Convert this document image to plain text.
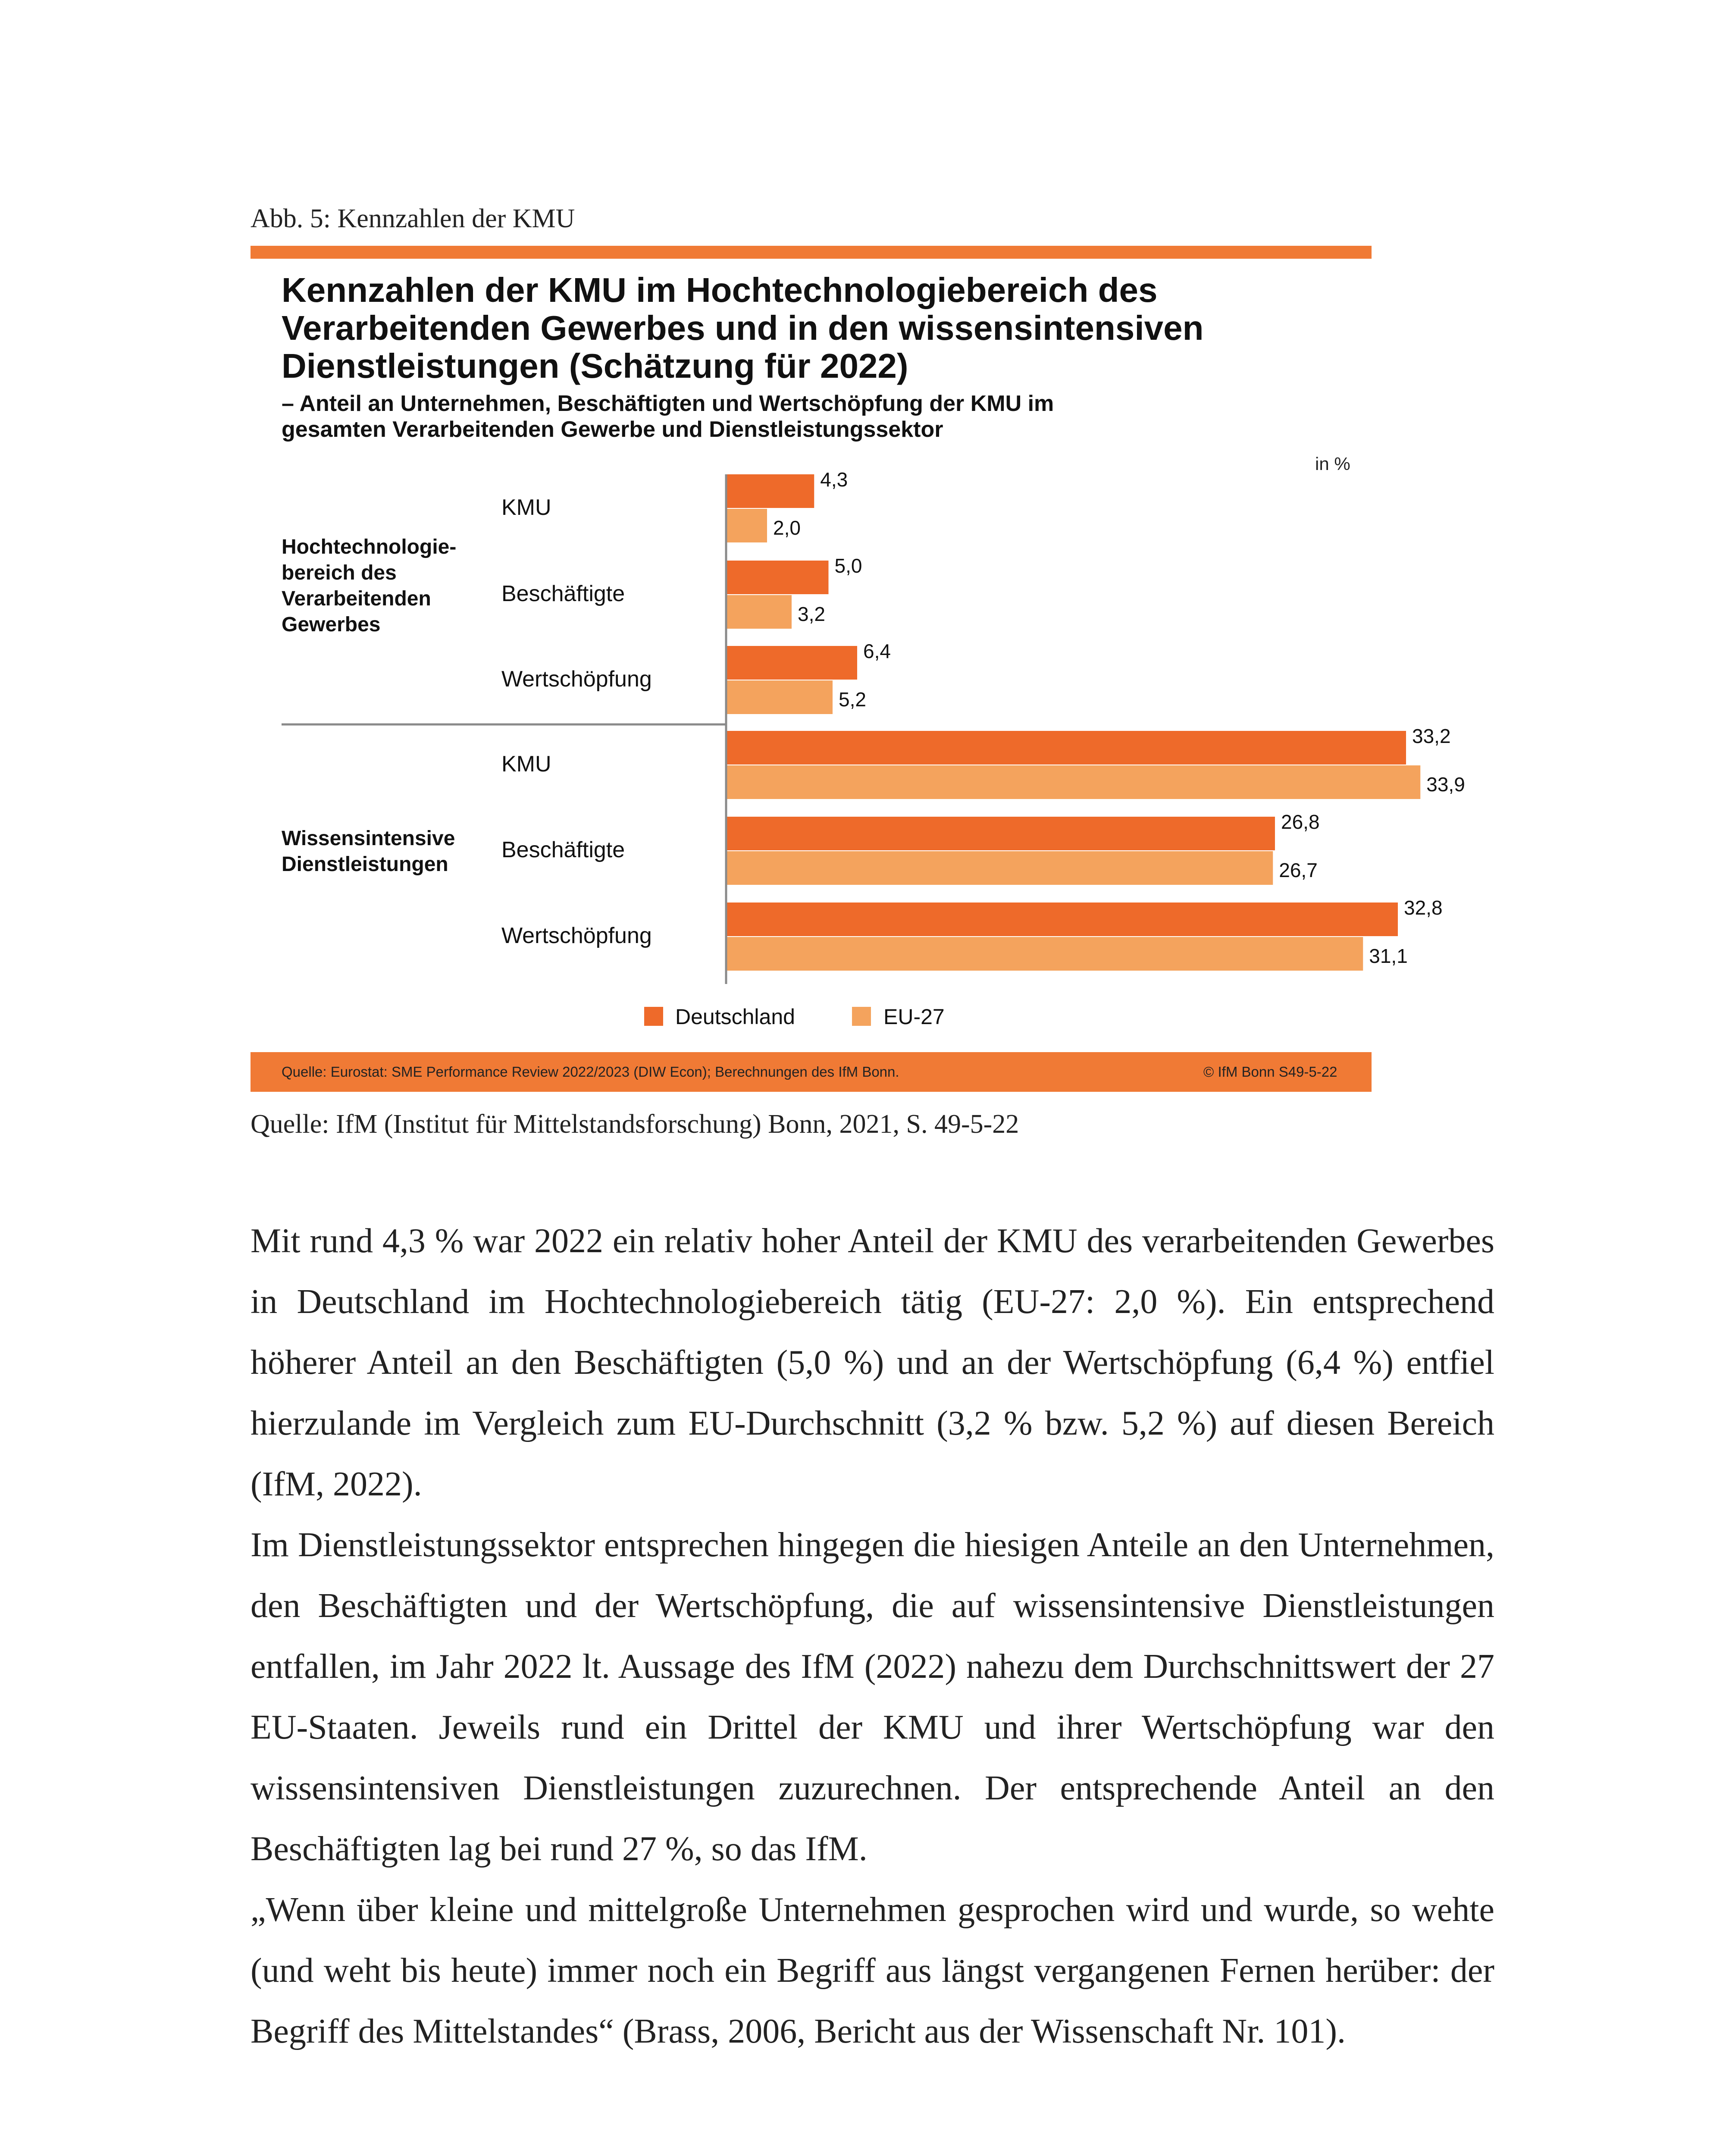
Abb. 5: Kennzahlen der KMU

Kennzahlen der KMU im Hochtechnologiebereich des
Verarbeitenden Gewerbes und in den wissensintensiven
Dienstleistungen (Schätzung für 2022)
– Anteil an Unternehmen, Beschäftigten und Wertschöpfung der KMU im
gesamten Verarbeitenden Gewerbe und Dienstleistungssektor
in %
Hochtechnologie-
bereich des
Verarbeitenden
Gewerbes
Wissensintensive
Dienstleistungen
KMU
4,3
2,0
Beschäftigte
5,0
3,2
Wertschöpfung
6,4
5,2
KMU
33,2
33,9
Beschäftigte
26,8
26,7
Wertschöpfung
32,8
31,1
Deutschland	EU-27
Quelle: Eurostat: SME Performance Review 2022/2023 (DIW Econ); Berechnungen des IfM Bonn.	© IfM Bonn S49-5-22

Quelle: IfM (Institut für Mittelstandsforschung) Bonn, 2021, S. 49-5-22

Mit rund 4,3 % war 2022 ein relativ hoher Anteil der KMU des verarbeitenden Gewerbes in Deutschland im Hochtechnologiebereich tätig (EU-27: 2,0 %). Ein entsprechend höherer Anteil an den Beschäftigten (5,0 %) und an der Wertschöpfung (6,4 %) entfiel hierzulande im Vergleich zum EU-Durchschnitt (3,2 % bzw. 5,2 %) auf diesen Bereich (IfM, 2022).

Im Dienstleistungssektor entsprechen hingegen die hiesigen Anteile an den Unternehmen, den Beschäftigten und der Wertschöpfung, die auf wissensintensive Dienstleistungen entfallen, im Jahr 2022 lt. Aussage des IfM (2022) nahezu dem Durchschnittswert der 27 EU-Staaten. Jeweils rund ein Drittel der KMU und ihrer Wertschöpfung war den wissensintensiven Dienstleistungen zuzurechnen. Der entsprechende Anteil an den Beschäftigten lag bei rund 27 %, so das IfM.

„Wenn über kleine und mittelgroße Unternehmen gesprochen wird und wurde, so wehte (und weht bis heute) immer noch ein Begriff aus längst vergangenen Fernen herüber: der Begriff des Mittelstandes“ (Brass, 2006, Bericht aus der Wissenschaft Nr. 101).
